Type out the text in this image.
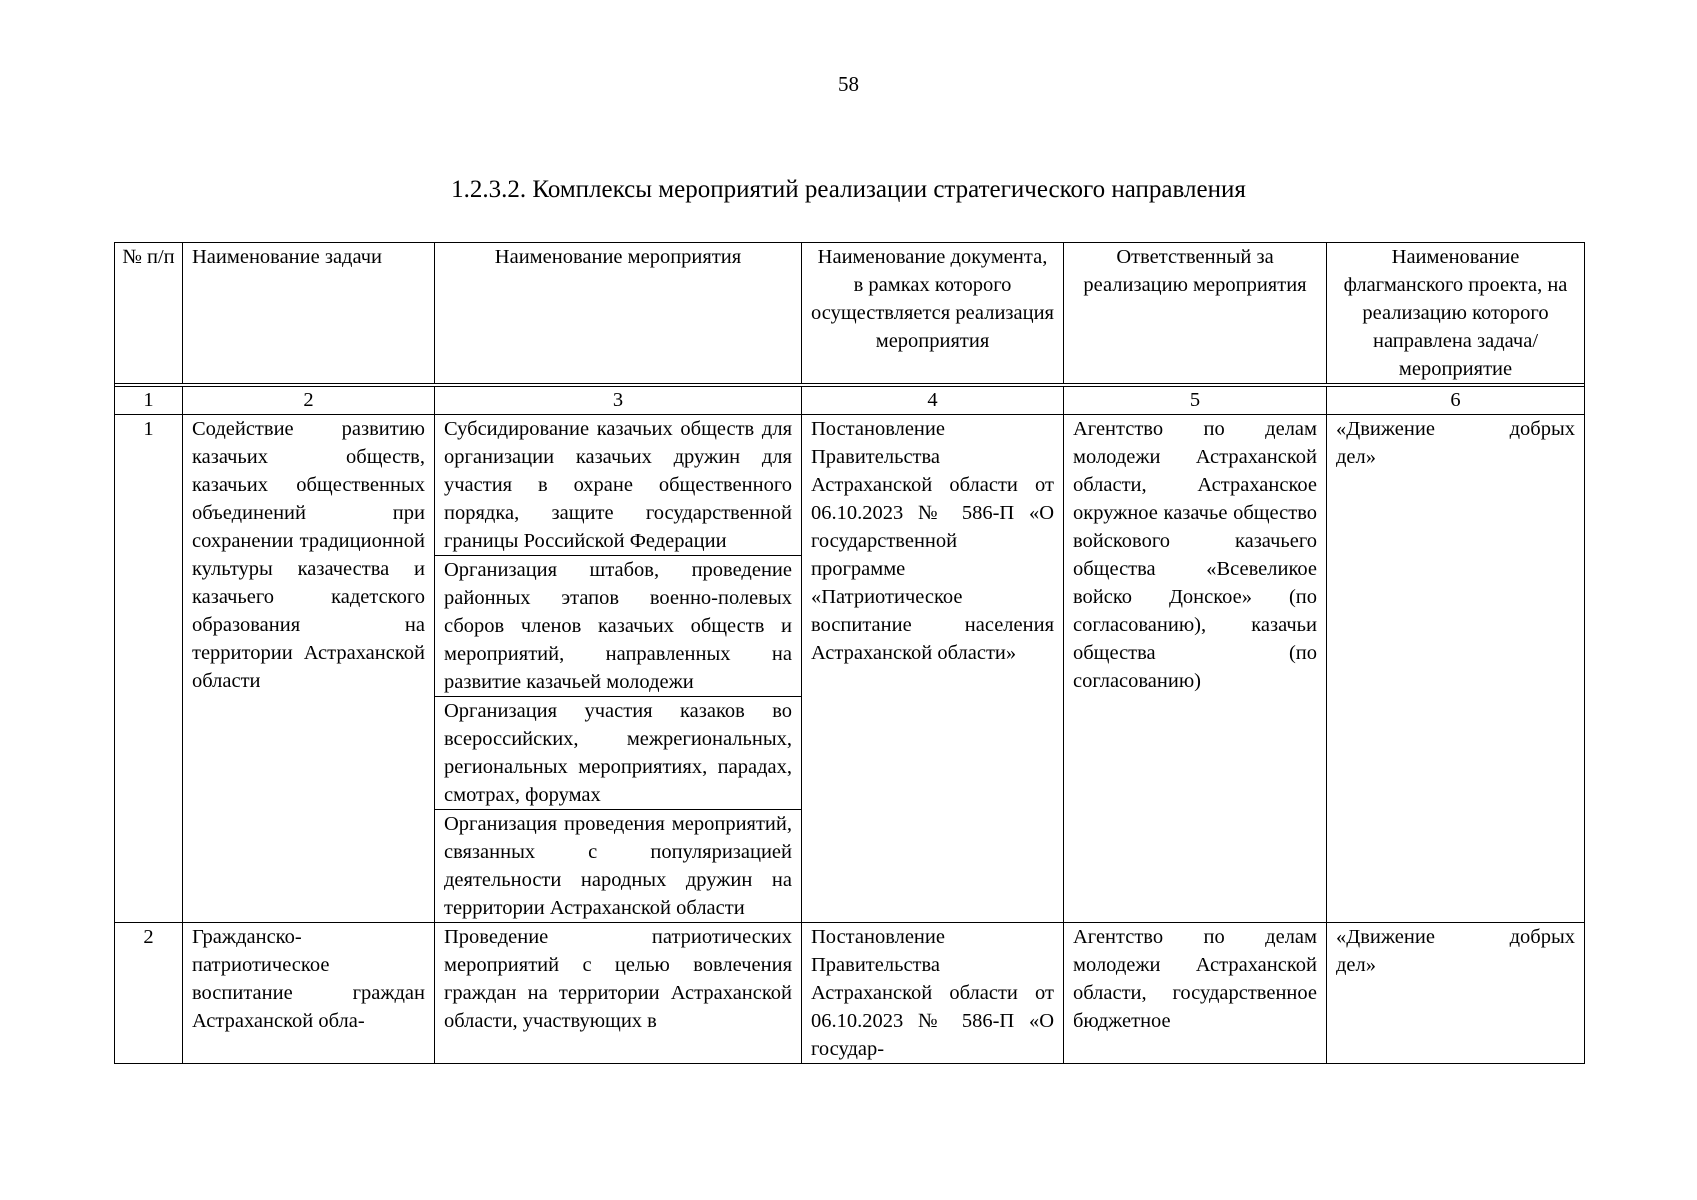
58
1.2.3.2. Комплексы мероприятий реализации стратегического направления
№ п/п	Наименование задачи	Наименование мероприятия	Наименование документа, в рамках которого осуществляется реализация мероприятия	Ответственный за реализацию мероприятия	Наименование флагманского проекта, на реализацию которого направлена задача/мероприятие

1	2	3	4	5	6
1	Содействие развитию казачьих обществ, казачьих общественных объединений при сохранении традиционной культуры казачества и казачьего кадетского образования на территории Астраханской области	Субсидирование казачьих обществ для организации казачьих дружин для участия в охране общественного порядка, защите государственной границы Российской Федерации	Постановление Правительства Астраханской области от 06.10.2023 № 586-П «О государственной программе «Патриотическое воспитание населения Астраханской области»	Агентство по делам молодежи Астраханской области, Астраханское окружное казачье общество войскового казачьего общества «Всевеликое войско Донское» (по согласованию), казачьи общества (по согласованию)	«Движение добрых
дел»

		Организация штабов, проведение районных этапов военно-полевых сборов членов казачьих обществ и мероприятий, направленных на развитие казачьей молодежи			
		Организация участия казаков во всероссийских, межрегиональных, региональных мероприятиях, парадах, смотрах, форумах			
		Организация проведения мероприятий, связанных с популяризацией деятельности народных дружин на территории Астраханской области			
2	Гражданско-патриотическое воспитание граждан Астраханской обла-	Проведение патриотических мероприятий с целью вовлечения граждан на территории Астраханской области, участвующих в	Постановление Правительства Астраханской области от 06.10.2023 № 586-П «О государ-	Агентство по делам молодежи Астраханской области, государственное бюджетное	«Движение добрых
дел»
